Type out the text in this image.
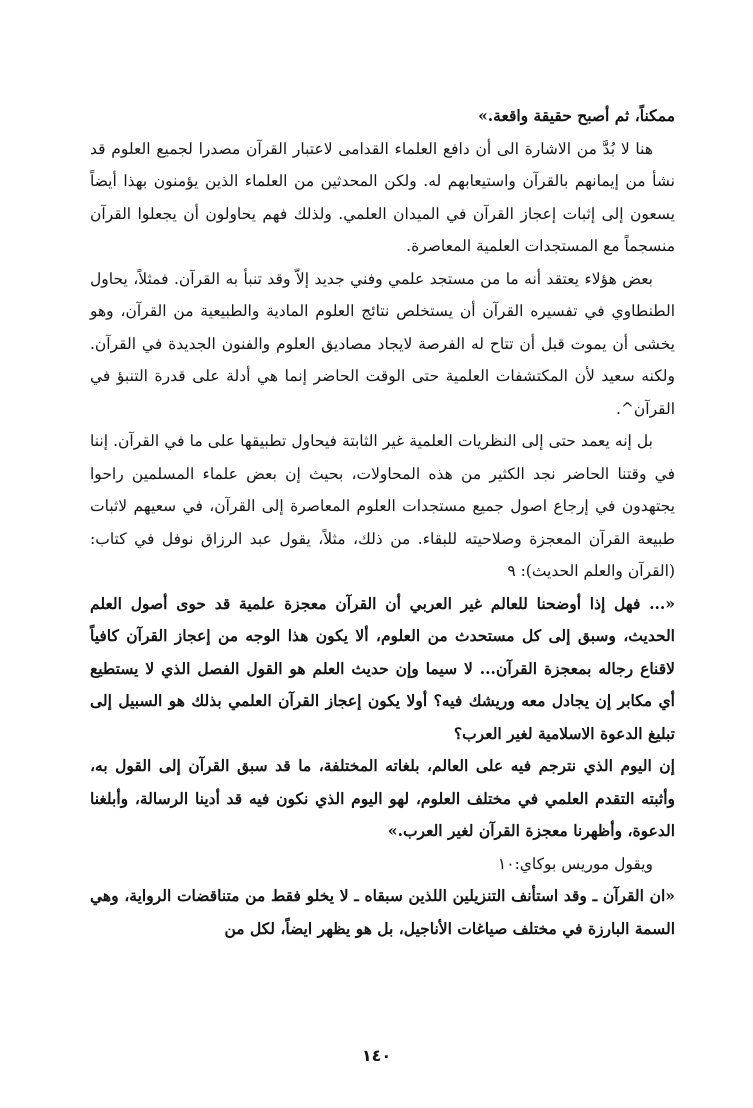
ممكناً، ثم أصبح حقيقة واقعة.»

هنا لا بُدَّ من الاشارة الى أن دافع العلماء القدامى لاعتبار القرآن مصدرا لجميع العلوم قد نشأ من إيمانهم بالقرآن واستيعابهم له. ولكن المحدثين من العلماء الذين يؤمنون بهذا أيضاً يسعون إلى إثبات إعجاز القرآن في الميدان العلمي. ولذلك فهم يحاولون أن يجعلوا القرآن منسجماً مع المستجدات العلمية المعاصرة.

بعض هؤلاء يعتقد أنه ما من مستجد علمي وفني جديد إلاّ وقد تنبأ به القرآن. فمثلاً، يحاول الطنطاوي في تفسيره القرآن أن يستخلص نتائج العلوم المادية والطبيعية من القرآن، وهو يخشى أن يموت قبل أن تتاح له الفرصة لايجاد مصاديق العلوم والفنون الجديدة في القرآن. ولكنه سعيد لأن المكتشفات العلمية حتى الوقت الحاضر إنما هي أدلة على قدرة التنبؤ في القرآن^.

بل إنه يعمد حتى إلى النظريات العلمية غير الثابتة فيحاول تطبيقها على ما في القرآن. إننا في وقتنا الحاضر نجد الكثير من هذه المحاولات، بحيث إن بعض علماء المسلمين راحوا يجتهدون في إرجاع اصول جميع مستجدات العلوم المعاصرة إلى القرآن، في سعيهم لاثبات طبيعة القرآن المعجزة وصلاحيته للبقاء. من ذلك، مثلاً، يقول عبد الرزاق نوفل في كتاب: (القرآن والعلم الحديث): ٩

«... فهل إذا أوضحنا للعالم غير العربي أن القرآن معجزة علمية قد حوى أصول العلم الحديث، وسبق إلى كل مستحدث من العلوم، ألا يكون هذا الوجه من إعجاز القرآن كافياً لاقناع رجاله بمعجزة القرآن... لا سيما وإن حديث العلم هو القول الفصل الذي لا يستطيع أي مكابر إن يجادل معه وريشك فيه؟ أولا يكون إعجاز القرآن العلمي بذلك هو السبيل إلى تبليغ الدعوة الاسلامية لغير العرب؟

إن اليوم الذي نترجم فيه على العالم، بلغاته المختلفة، ما قد سبق القرآن إلى القول به، وأثبته التقدم العلمي في مختلف العلوم، لهو اليوم الذي نكون فيه قد أدينا الرسالة، وأبلغنا الدعوة، وأظهرنا معجزة القرآن لغير العرب.»

ويقول موريس بوكاي:١٠

«ان القرآن ـ وقد استأنف التنزيلين اللذين سبقاه ـ لا يخلو فقط من متناقضات الرواية، وهي السمة البارزة في مختلف صياغات الأناجيل، بل هو يظهر ايضاً، لكل من

١٤٠
